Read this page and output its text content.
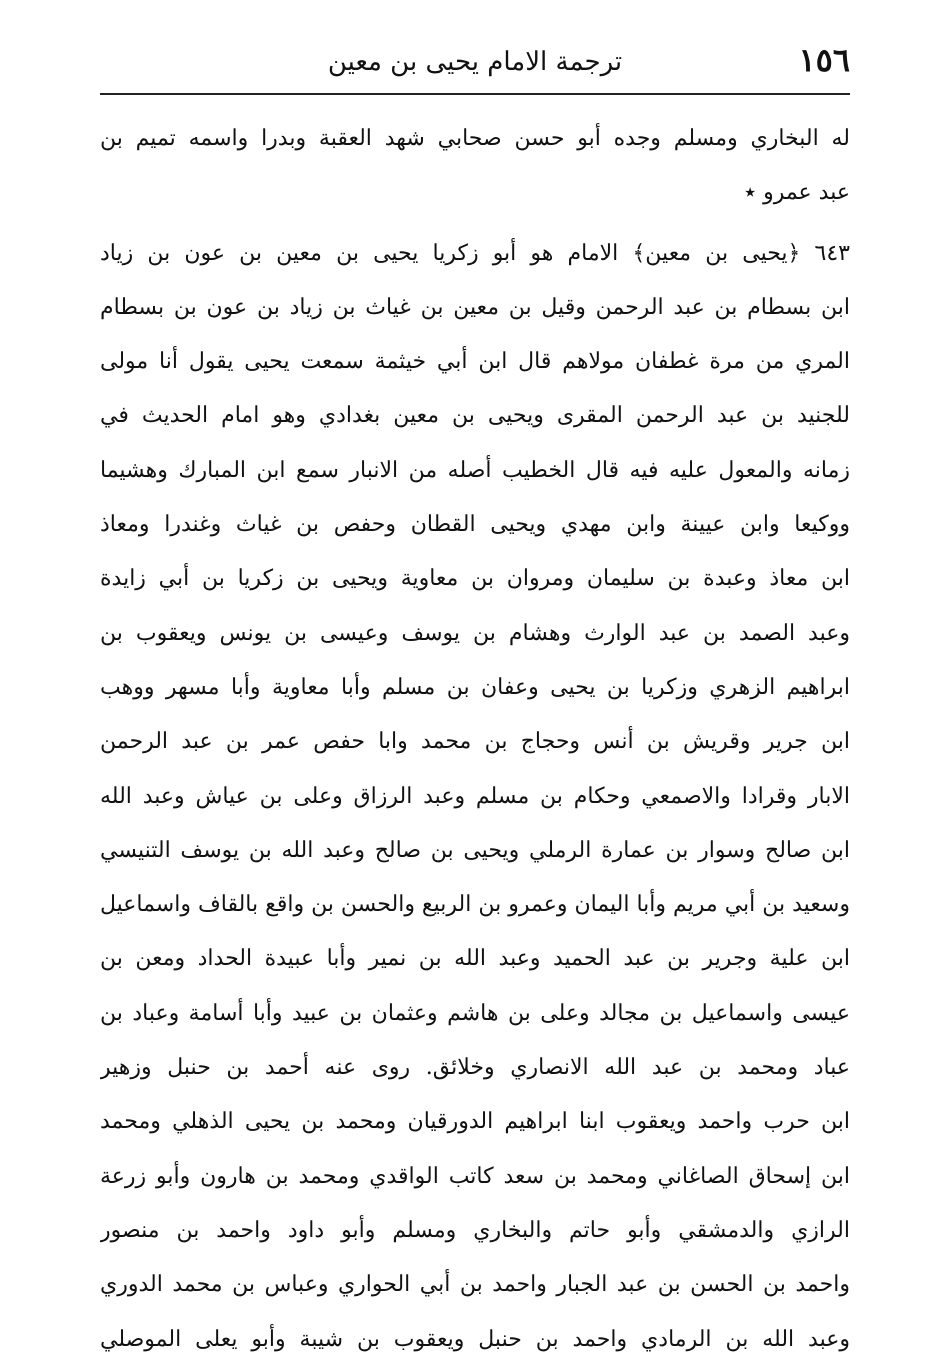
١٥٦
ترجمة الامام يحيى بن معين
له البخاري ومسلم وجده أبو حسن صحابي شهد العقبة وبدرا واسمه تميم بن
عبد عمرو ٭
٦٤٣ ﴿يحيى بن معين﴾ الامام هو أبو زكريا يحيى بن معين بن عون بن زياد
ابن بسطام بن عبد الرحمن وقيل بن معين بن غياث بن زياد بن عون بن بسطام
المري من مرة غطفان مولاهم قال ابن أبي خيثمة سمعت يحيى يقول أنا مولى
للجنيد بن عبد الرحمن المقرى ويحيى بن معين بغدادي وهو امام الحديث في
زمانه والمعول عليه فيه قال الخطيب أصله من الانبار سمع ابن المبارك وهشيما
ووكيعا وابن عيينة وابن مهدي ويحيى القطان وحفص بن غياث وغندرا ومعاذ
ابن معاذ وعبدة بن سليمان ومروان بن معاوية ويحيى بن زكريا بن أبي زايدة
وعبد الصمد بن عبد الوارث وهشام بن يوسف وعيسى بن يونس ويعقوب بن
ابراهيم الزهري وزكريا بن يحيى وعفان بن مسلم وأبا معاوية وأبا مسهر ووهب
ابن جرير وقريش بن أنس وحجاج بن محمد وابا حفص عمر بن عبد الرحمن
الابار وقرادا والاصمعي وحكام بن مسلم وعبد الرزاق وعلى بن عياش وعبد الله
ابن صالح وسوار بن عمارة الرملي ويحيى بن صالح وعبد الله بن يوسف التنيسي
وسعيد بن أبي مريم وأبا اليمان وعمرو بن الربيع والحسن بن واقع بالقاف واسماعيل
ابن علية وجرير بن عبد الحميد وعبد الله بن نمير وأبا عبيدة الحداد ومعن بن
عيسى واسماعيل بن مجالد وعلى بن هاشم وعثمان بن عبيد وأبا أسامة وعباد بن
عباد ومحمد بن عبد الله الانصاري وخلائق. روى عنه أحمد بن حنبل وزهير
ابن حرب واحمد ويعقوب ابنا ابراهيم الدورقيان ومحمد بن يحيى الذهلي ومحمد
ابن إسحاق الصاغاني ومحمد بن سعد كاتب الواقدي ومحمد بن هارون وأبو زرعة
الرازي والدمشقي وأبو حاتم والبخاري ومسلم وأبو داود واحمد بن منصور
واحمد بن الحسن بن عبد الجبار واحمد بن أبي الحواري وعباس بن محمد الدوري
وعبد الله بن الرمادي واحمد بن حنبل ويعقوب بن شيبة وأبو يعلى الموصلي
